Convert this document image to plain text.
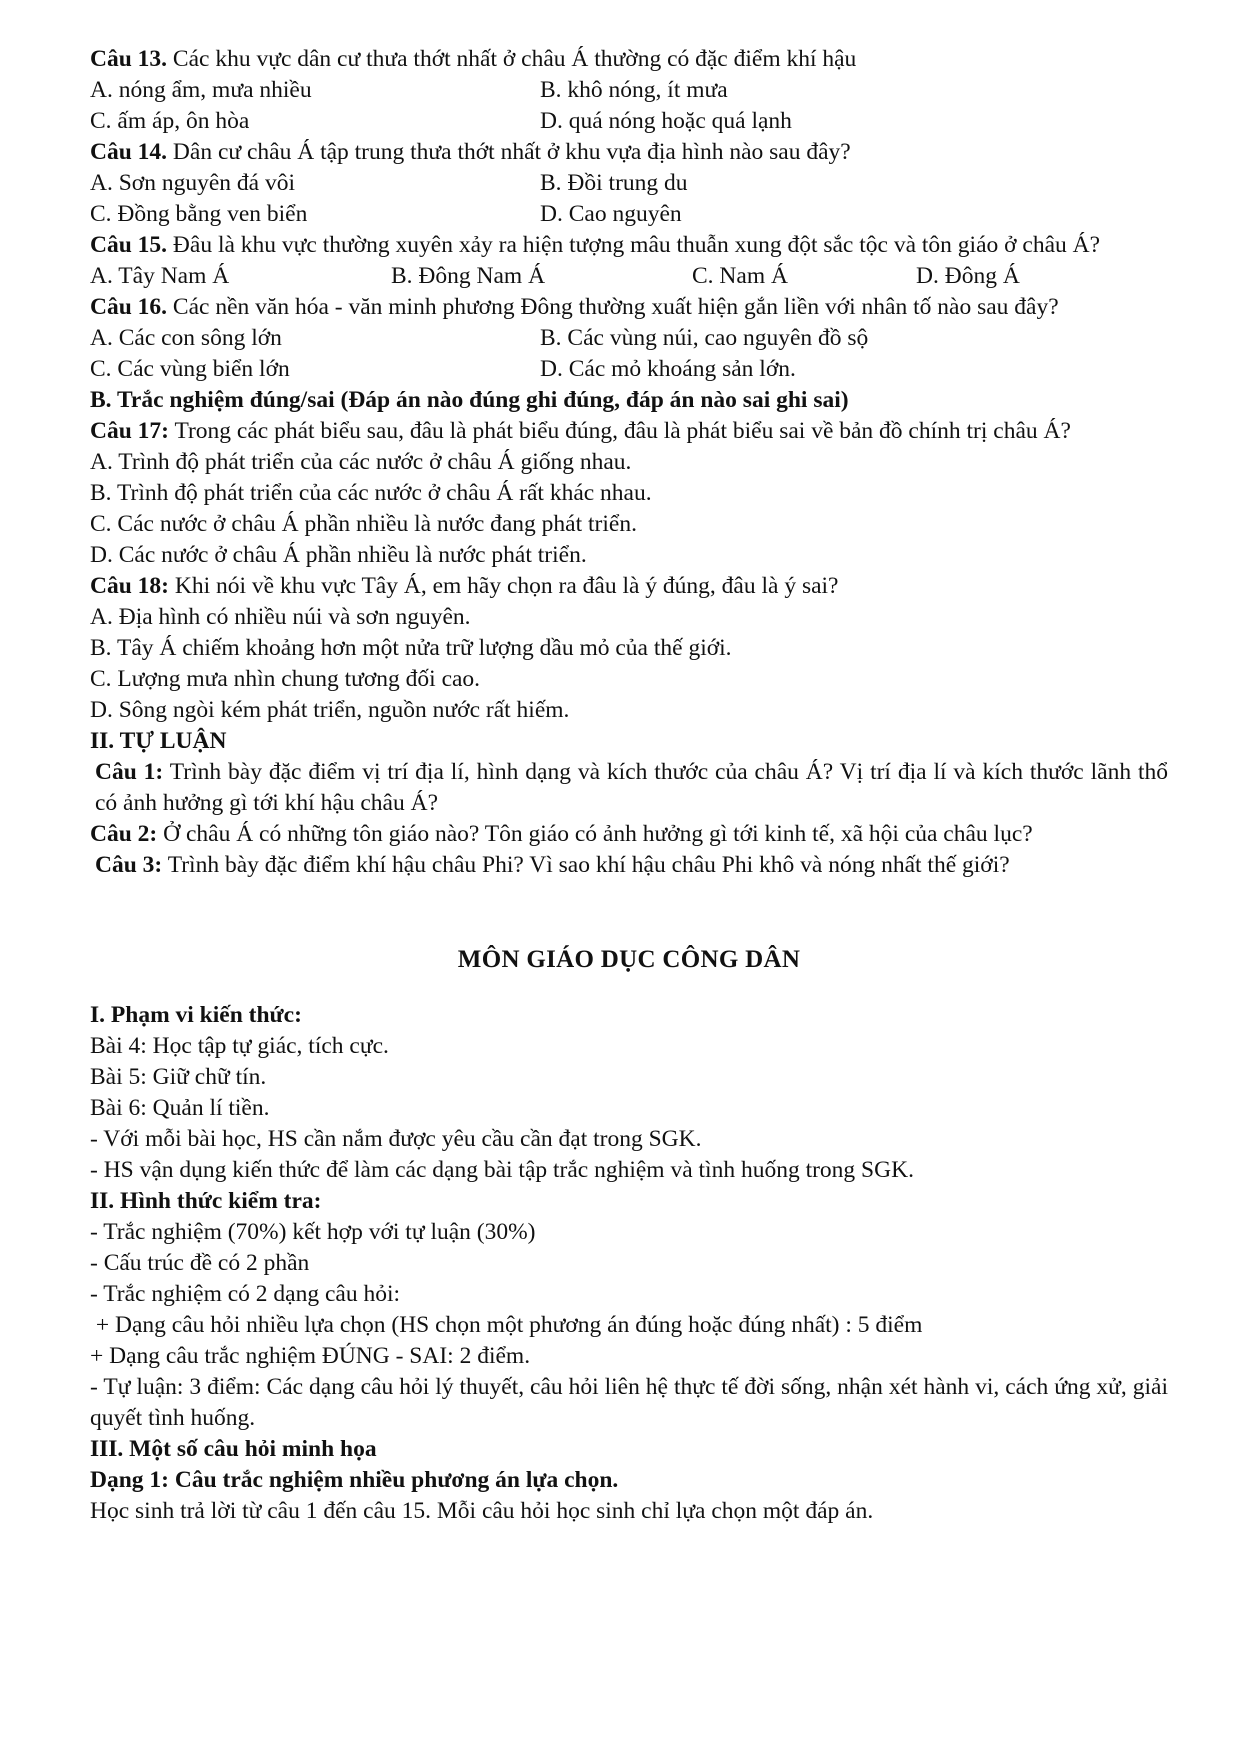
Câu 13. Các khu vực dân cư thưa thớt nhất ở châu Á thường có đặc điểm khí hậu
A. nóng ẩm, mưa nhiều	B. khô nóng, ít mưa
C. ấm áp, ôn hòa	D. quá nóng hoặc quá lạnh
Câu 14. Dân cư châu Á tập trung thưa thớt nhất ở khu vựa địa hình nào sau đây?
A. Sơn nguyên đá vôi	B. Đồi trung du
C. Đồng bằng ven biển	D. Cao nguyên
Câu 15. Đâu là khu vực thường xuyên xảy ra hiện tượng mâu thuẫn xung đột sắc tộc và tôn giáo ở châu Á?
A. Tây Nam Á	B. Đông Nam Á	C. Nam Á	D. Đông Á
Câu 16. Các nền văn hóa - văn minh phương Đông thường xuất hiện gắn liền với nhân tố nào sau đây?
A. Các con sông lớn	B. Các vùng núi, cao nguyên đồ sộ
C. Các vùng biển lớn	D. Các mỏ khoáng sản lớn.
B. Trắc nghiệm đúng/sai (Đáp án nào đúng ghi đúng, đáp án nào sai ghi sai)
Câu 17: Trong các phát biểu sau, đâu là phát biểu đúng, đâu là phát biểu sai về bản đồ chính trị châu Á?
A. Trình độ phát triển của các nước ở châu Á giống nhau.
B. Trình độ phát triển của các nước ở châu Á rất khác nhau.
C. Các nước ở châu Á phần nhiều là nước đang phát triển.
D. Các nước ở châu Á phần nhiều là nước phát triển.
Câu 18: Khi nói về khu vực Tây Á, em hãy chọn ra đâu là ý đúng, đâu là ý sai?
A. Địa hình có nhiều núi và sơn nguyên.
B. Tây Á chiếm khoảng hơn một nửa trữ lượng dầu mỏ của thế giới.
C. Lượng mưa nhìn chung tương đối cao.
D. Sông ngòi kém phát triển, nguồn nước rất hiếm.
II. TỰ LUẬN
Câu 1: Trình bày đặc điểm vị trí địa lí, hình dạng và kích thước của châu Á? Vị trí địa lí và kích thước lãnh thổ có ảnh hưởng gì tới khí hậu châu Á?
Câu 2: Ở châu Á có những tôn giáo nào? Tôn giáo có ảnh hưởng gì tới kinh tế, xã hội của châu lục?
Câu 3: Trình bày đặc điểm khí hậu châu Phi? Vì sao khí hậu châu Phi khô và nóng nhất thế giới?
MÔN GIÁO DỤC CÔNG DÂN
I. Phạm vi kiến thức:
Bài 4: Học tập tự giác, tích cực.
Bài 5: Giữ chữ tín.
Bài 6: Quản lí tiền.
- Với mỗi bài học, HS cần nắm được yêu cầu cần đạt trong SGK.
- HS vận dụng kiến thức để làm các dạng bài tập trắc nghiệm và tình huống trong SGK.
II. Hình thức kiểm tra:
- Trắc nghiệm (70%) kết hợp với tự luận (30%)
- Cấu trúc đề có 2 phần
- Trắc nghiệm có 2 dạng câu hỏi:
+ Dạng câu hỏi nhiều lựa chọn (HS chọn một phương án đúng hoặc đúng nhất) : 5 điểm
+ Dạng câu trắc nghiệm ĐÚNG - SAI: 2 điểm.
- Tự luận: 3 điểm: Các dạng câu hỏi lý thuyết, câu hỏi liên hệ thực tế đời sống, nhận xét hành vi, cách ứng xử, giải quyết tình huống.
III. Một số câu hỏi minh họa
Dạng 1: Câu trắc nghiệm nhiều phương án lựa chọn.
Học sinh trả lời từ câu 1 đến câu 15. Mỗi câu hỏi học sinh chỉ lựa chọn một đáp án.
